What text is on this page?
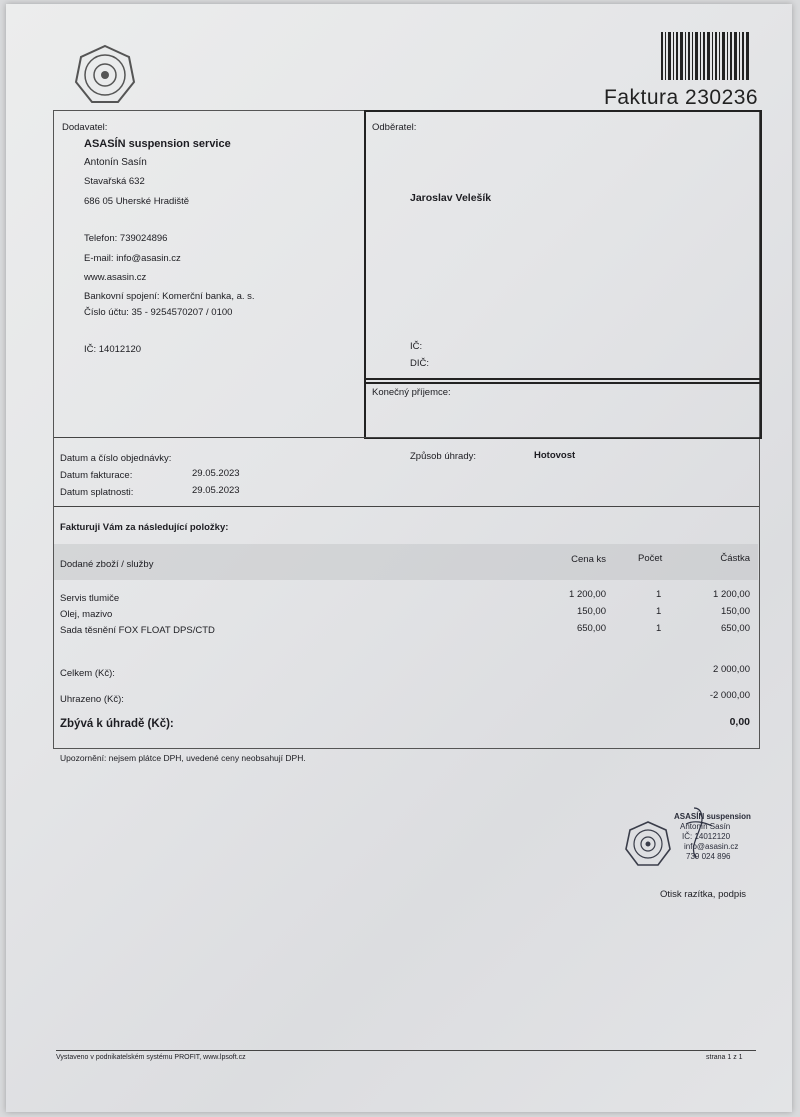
Faktura 230236
Dodavatel:
ASASÍN suspension service
Antonín Sasín
Stavařská 632
686 05 Uherské Hradiště
Telefon: 739024896
E-mail: info@asasin.cz
www.asasin.cz
Bankovní spojení: Komerční banka, a. s.
Číslo účtu: 35 - 9254570207 / 0100
IČ: 14012120
Odběratel:
Jaroslav Velešík
IČ:
DIČ:
Konečný příjemce:
Datum a číslo objednávky:
Datum fakturace:	29.05.2023
Datum splatnosti:	29.05.2023
Způsob úhrady:	Hotovost
Fakturuji Vám za následující položky:
Dodané zboží / služby	Cena ks	Počet	Částka
Servis tlumiče	1 200,00	1	1 200,00
Olej, mazivo	150,00	1	150,00
Sada těsnění FOX FLOAT DPS/CTD	650,00	1	650,00
Celkem (Kč):	2 000,00
Uhrazeno (Kč):	-2 000,00
Zbývá k úhradě (Kč):	0,00
Upozornění: nejsem plátce DPH, uvedené ceny neobsahují DPH.
ASASÍN suspension
Antonín Sasín
IČ: 14012120
info@asasin.cz
739 024 896
Otisk razítka, podpis
Vystaveno v podnikatelském systému PROFIT, www.lpsoft.cz	strana 1 z 1
